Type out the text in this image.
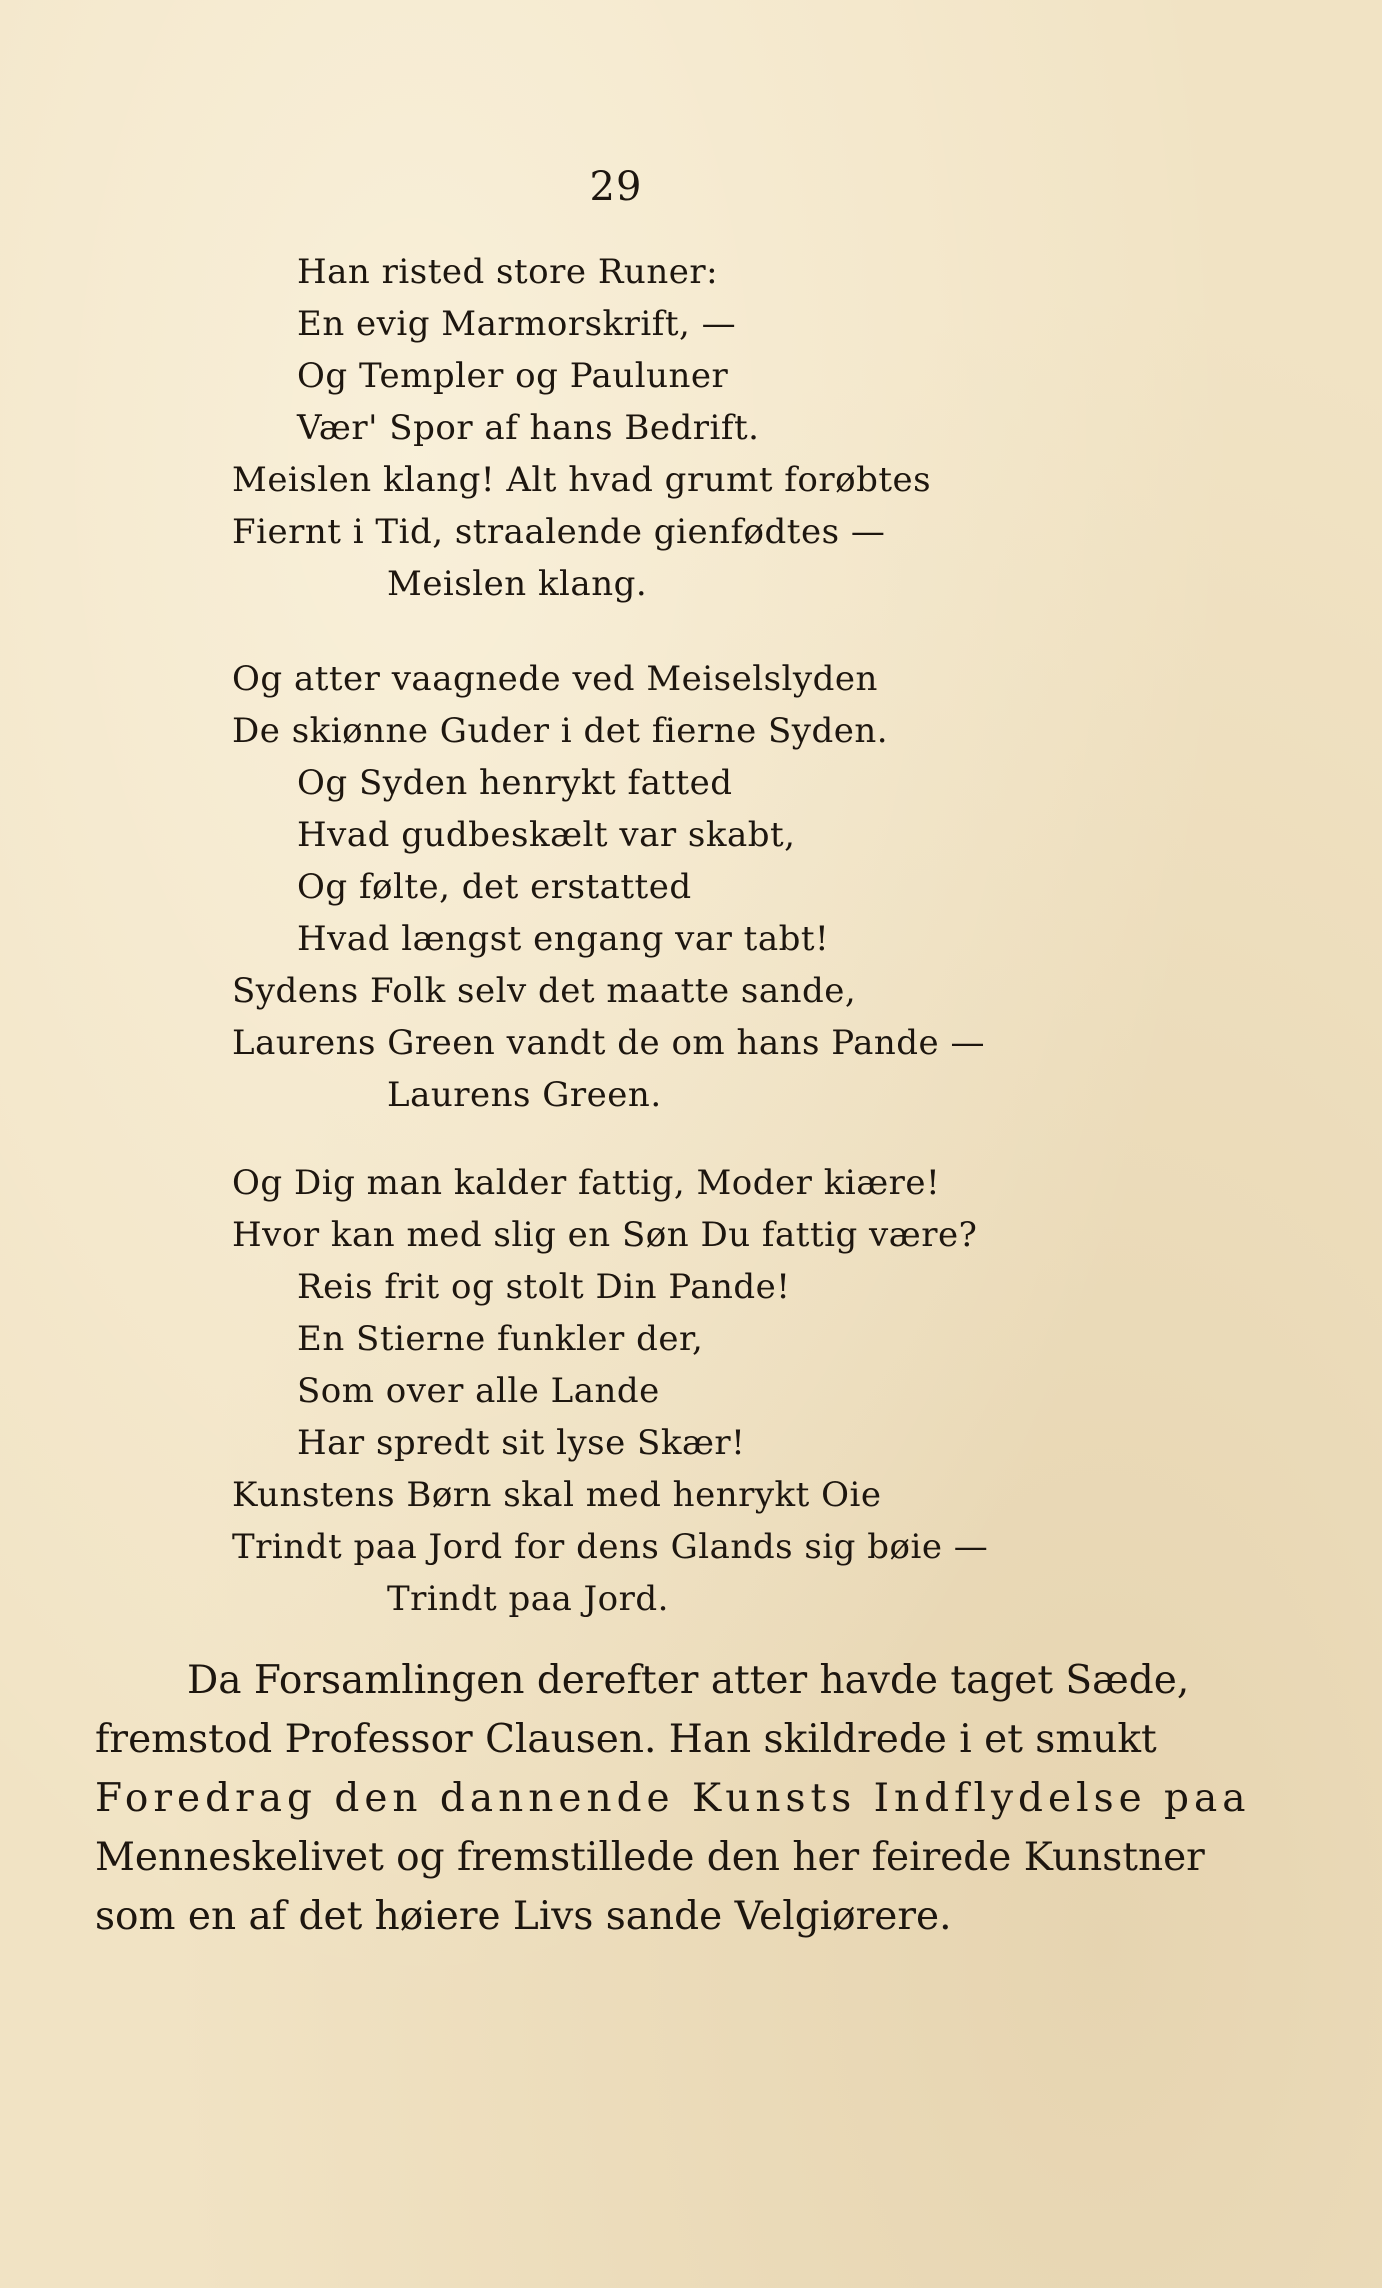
29
Han risted store Runer:
En evig Marmorskrift, —
Og Templer og Pauluner
Vær' Spor af hans Bedrift.
Meislen klang! Alt hvad grumt forøbtes
Fiernt i Tid, straalende gienfødtes —
Meislen klang.
Og atter vaagnede ved Meiselslyden
De skiønne Guder i det fierne Syden.
Og Syden henrykt fatted
Hvad gudbeskælt var skabt,
Og følte, det erstatted
Hvad længst engang var tabt!
Sydens Folk selv det maatte sande,
Laurens Green vandt de om hans Pande —
Laurens Green.
Og Dig man kalder fattig, Moder kiære!
Hvor kan med slig en Søn Du fattig være?
Reis frit og stolt Din Pande!
En Stierne funkler der,
Som over alle Lande
Har spredt sit lyse Skær!
Kunstens Børn skal med henrykt Oie
Trindt paa Jord for dens Glands sig bøie —
Trindt paa Jord.
Da Forsamlingen derefter atter havde taget Sæde,
fremstod Professor Clausen. Han skildrede i et smukt
Foredrag den dannende Kunsts Indflydelse paa
Menneskelivet og fremstillede den her feirede Kunstner
som en af det høiere Livs sande Velgiørere.
